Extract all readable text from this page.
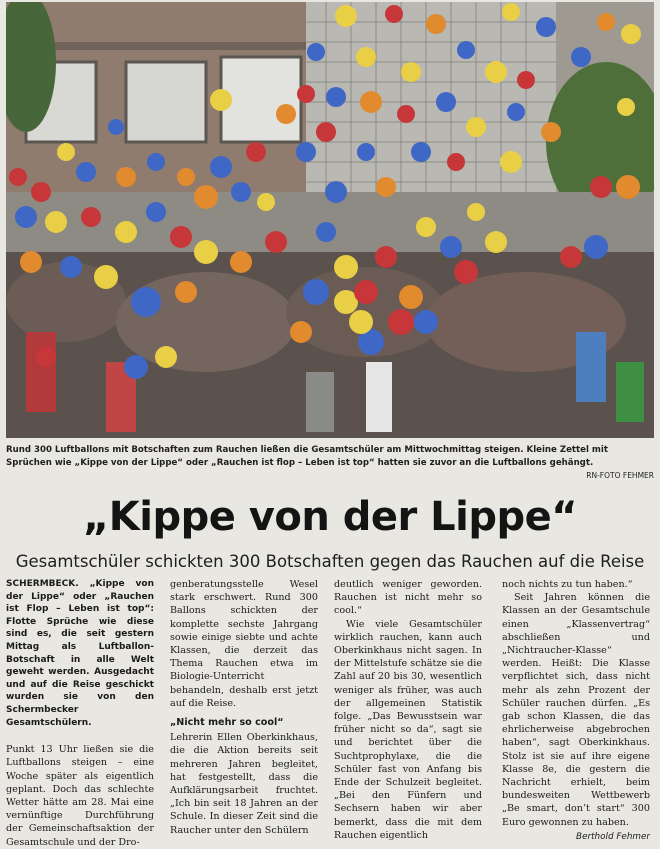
Rund 300 Luftballons mit Botschaften zum Rauchen ließen die Gesamtschüler am Mittwochmittag steigen. Kleine Zettel mit Sprüchen wie „Kippe von der Lippe“ oder „Rauchen ist flop – Leben ist top“ hatten sie zuvor an die Luftballons gehängt.
RN-FOTO FEHMER
„Kippe von der Lippe“
Gesamtschüler schickten 300 Botschaften gegen das Rauchen auf die Reise

SCHERMBECK. „Kippe von der Lippe“ oder „Rauchen ist Flop – Leben ist top“: Flotte Sprüche wie diese sind es, die seit gestern Mittag als Luftballon-Botschaft in alle Welt geweht werden. Ausgedacht und auf die Reise geschickt wurden sie von den Schermbecker Gesamtschülern.

Punkt 13 Uhr ließen sie die Luftballons steigen – eine Woche später als eigentlich geplant. Doch das schlechte Wetter hätte am 28. Mai eine vernünftige Durchführung der Gemeinschaftsaktion der Gesamtschule und der Dro-

genberatungsstelle Wesel stark erschwert. Rund 300 Ballons schickten der komplette sechste Jahrgang sowie einige siebte und achte Klassen, die derzeit das Thema Rauchen etwa im Biologie-Unterricht behandeln, deshalb erst jetzt auf die Reise.

„Nicht mehr so cool“

Lehrerin Ellen Oberkinkhaus, die die Aktion bereits seit mehreren Jahren begleitet, hat festgestellt, dass die Aufklärungsarbeit fruchtet. „Ich bin seit 18 Jahren an der Schule. In dieser Zeit sind die Raucher unter den Schülern

deutlich weniger geworden. Rauchen ist nicht mehr so cool.“

Wie viele Gesamtschüler wirklich rauchen, kann auch Oberkinkhaus nicht sagen. In der Mittelstufe schätze sie die Zahl auf 20 bis 30, wesentlich weniger als früher, was auch der allgemeinen Statistik folge. „Das Bewusstsein war früher nicht so da“, sagt sie und berichtet über die Suchtprophylaxe, die die Schüler fast von Anfang bis Ende der Schulzeit begleitet. „Bei den Fünfern und Sechsern haben wir aber bemerkt, dass die mit dem Rauchen eigentlich

noch nichts zu tun haben.“

Seit Jahren können die Klassen an der Gesamtschule einen „Klassenvertrag“ abschließen und „Nichtraucher-Klasse“ werden. Heißt: Die Klasse verpflichtet sich, dass nicht mehr als zehn Prozent der Schüler rauchen dürfen. „Es gab schon Klassen, die das ehrlicherweise abgebrochen haben“, sagt Oberkinkhaus. Stolz ist sie auf ihre eigene Klasse 8e, die gestern die Nachricht erhielt, beim bundesweiten Wettbewerb „Be smart, don’t start“ 300 Euro gewonnen zu haben.

Berthold Fehmer
